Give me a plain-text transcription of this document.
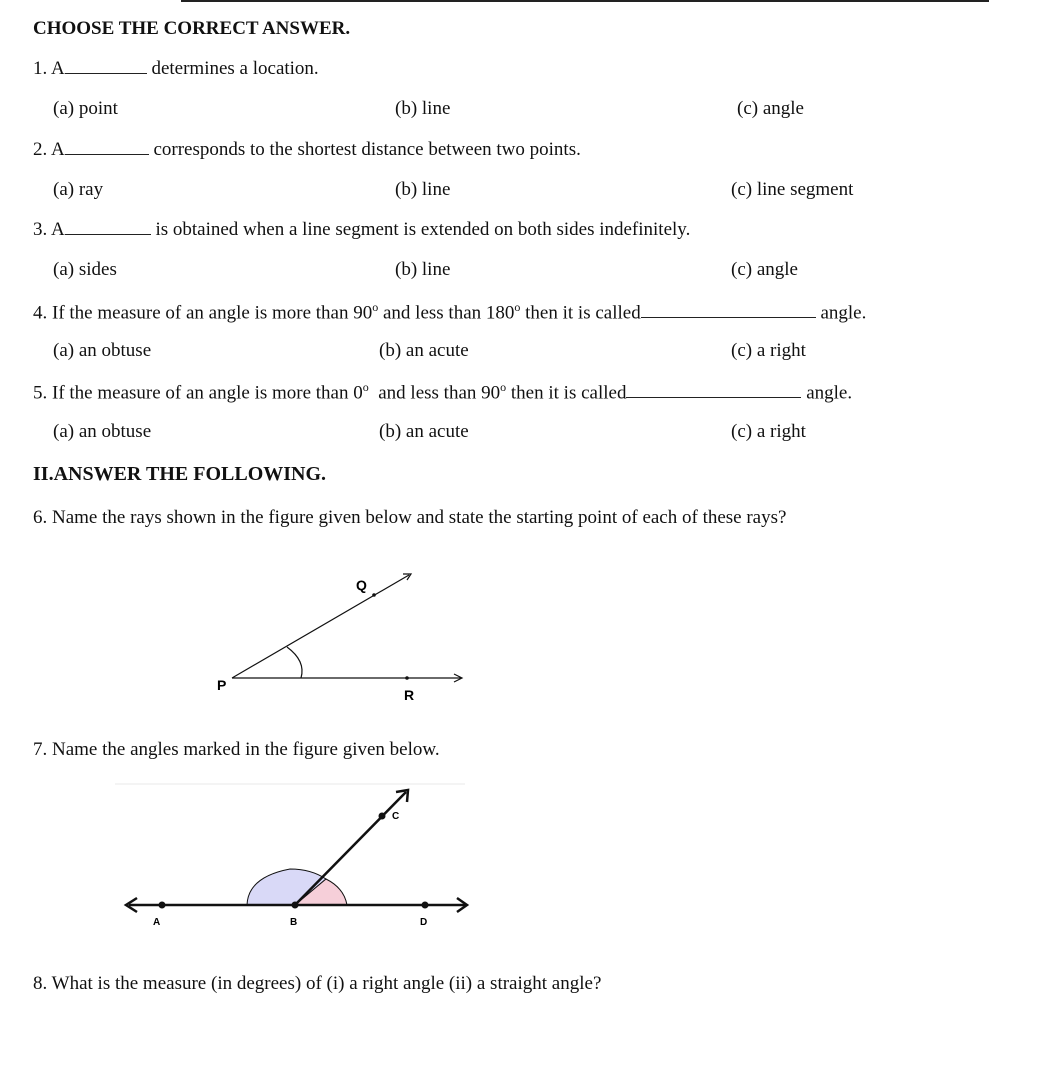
CHOOSE THE CORRECT ANSWER.
1. A	determines a location.
(a) point	(b) line	(c) angle
2. A	corresponds to the shortest distance between two points.
(a) ray	(b) line	(c) line segment
3. A	is obtained when a line segment is extended on both sides indefinitely.
(a) sides	(b) line	(c) angle
4. If the measure of an angle is more than 90$^o$ and less than 180$^o$ then it is called	angle.
(a) an obtuse	(b) an acute	(c) a right
5. If the measure of an angle is more than 0$^o$ and less than 90$^o$ then it is called	angle.
(a) an obtuse	(b) an acute	(c) a right
II.ANSWER THE FOLLOWING.
6. Name the rays shown in the figure given below and state the starting point of each of these rays?
Q
P
R
7. Name the angles marked in the figure given below.
A	B	D
C
8. What is the measure (in degrees) of (i) a right angle (ii) a straight angle?
